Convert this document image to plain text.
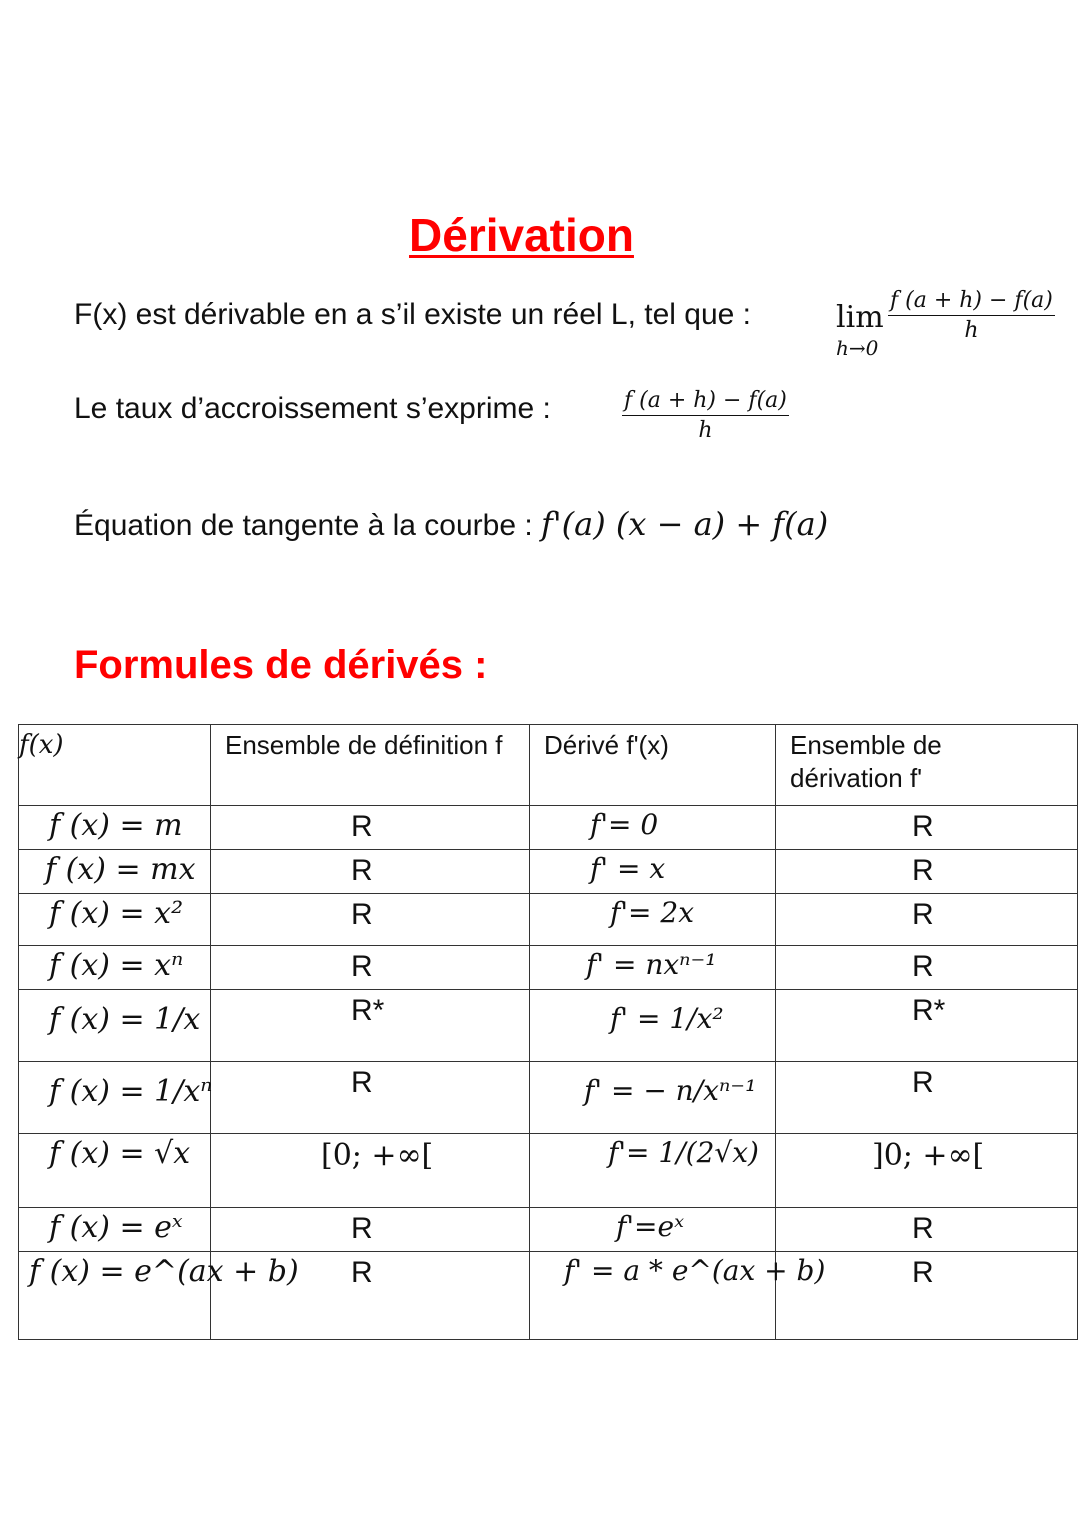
Dérivation
F(x) est dérivable en a s’il existe un réel L, tel que :	lim
h→0
$\frac{f (a + h) - f(a)}{h}$
Le taux d’accroissement s’exprime :	$\frac{f (a + h) - f(a)}{h}$
Équation de tangente à la courbe : f'(a) (x − a) + f(a)
Formules de dérivés :
f(x)	Ensemble de définition f	Dérivé f'(x)	Ensemble de
dérivation f'

f (x) = m	R	f'= 0	R

f (x) = mx	R	f' = x	R

f (x) = x²	R	f'= 2x	R

f (x) = xⁿ	R	f' = nxⁿ⁻¹	R

f (x) = 1/x	R*	f' = 1/x²	R*

f (x) = 1/xⁿ	R	f' = − n/xⁿ⁻¹	R

f (x) = √x	[0; +∞[	f'= 1/(2√x)	]0; +∞[

f (x) = eˣ	R	f'=eˣ	R

f (x) = e^(ax + b)	R	f' = a * e^(ax + b)	R
